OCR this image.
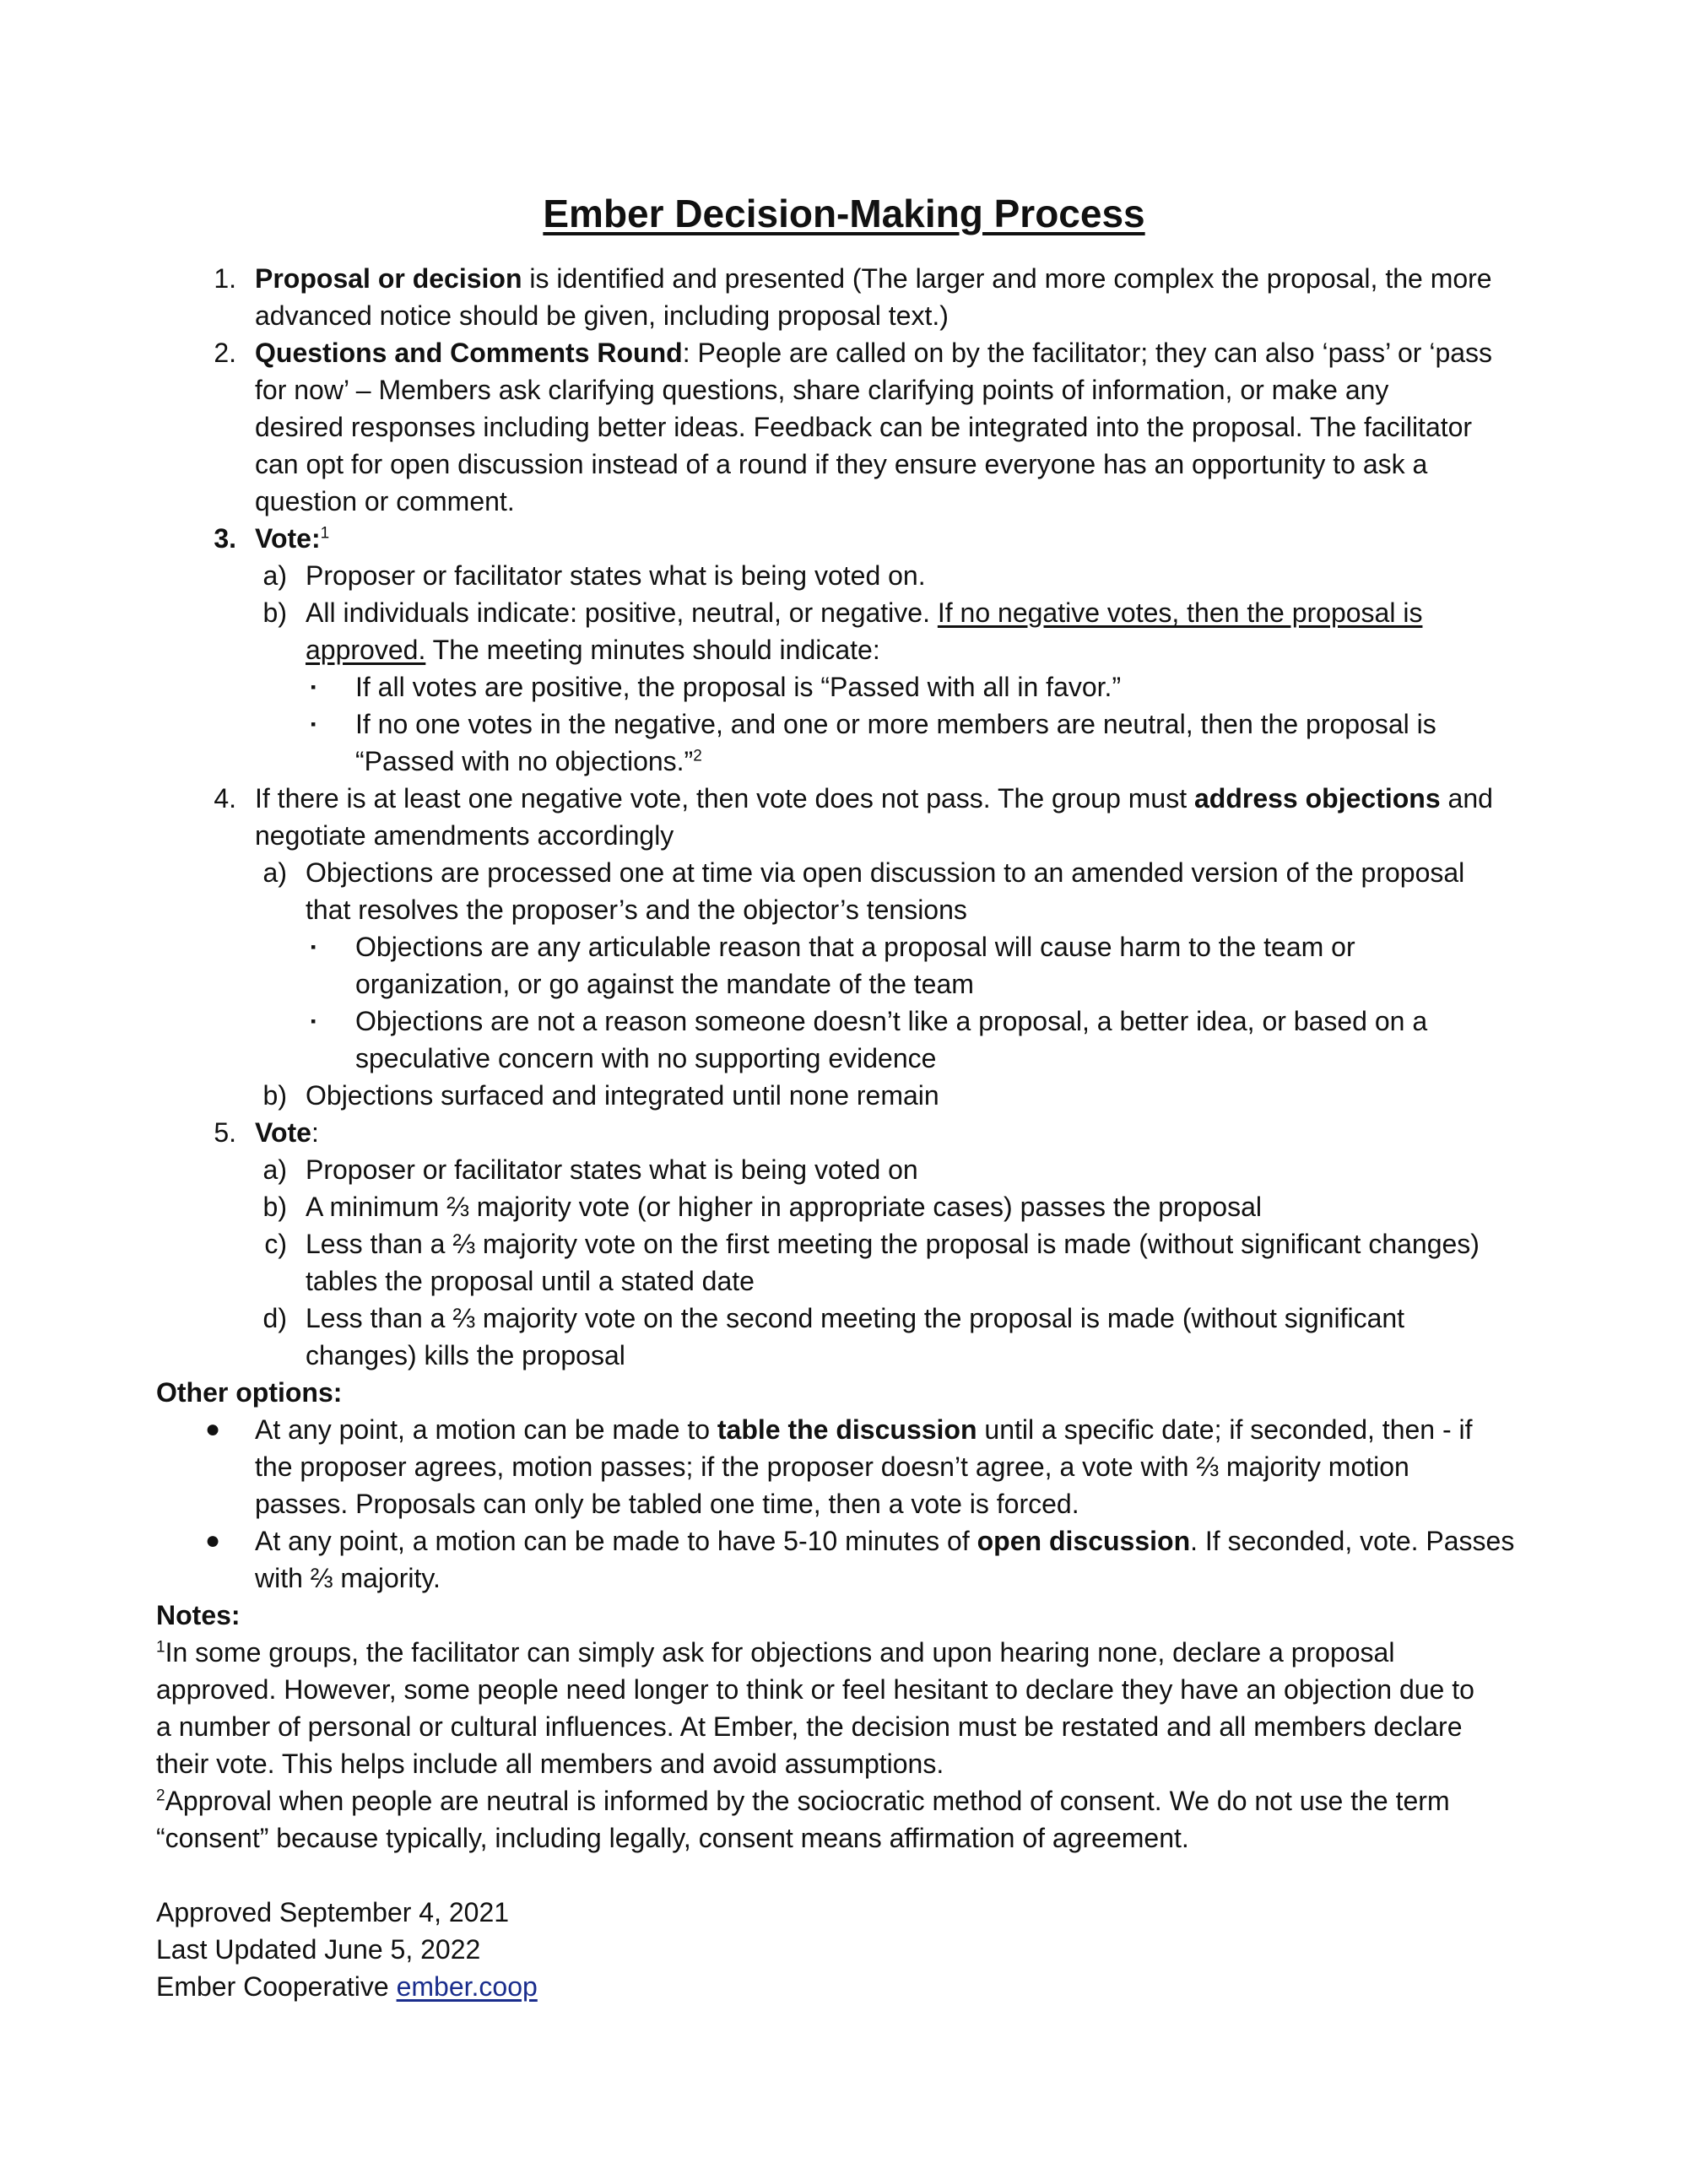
Ember Decision-Making Process
1. Proposal or decision is identified and presented (The larger and more complex the proposal, the more
advanced notice should be given, including proposal text.)
2. Questions and Comments Round: People are called on by the facilitator; they can also ‘pass’ or ‘pass
for now’ – Members ask clarifying questions, share clarifying points of information, or make any
desired responses including better ideas. Feedback can be integrated into the proposal. The facilitator
can opt for open discussion instead of a round if they ensure everyone has an opportunity to ask a
question or comment.
3. Vote:$^1$
a) Proposer or facilitator states what is being voted on.
b) All individuals indicate: positive, neutral, or negative. If no negative votes, then the proposal is
approved. The meeting minutes should indicate:
▪ If all votes are positive, the proposal is “Passed with all in favor.”
▪ If no one votes in the negative, and one or more members are neutral, then the proposal is
“Passed with no objections.”$^2$
4. If there is at least one negative vote, then vote does not pass. The group must address objections and
negotiate amendments accordingly
a) Objections are processed one at time via open discussion to an amended version of the proposal
that resolves the proposer’s and the objector’s tensions
▪ Objections are any articulable reason that a proposal will cause harm to the team or
organization, or go against the mandate of the team
▪ Objections are not a reason someone doesn’t like a proposal, a better idea, or based on a
speculative concern with no supporting evidence
b) Objections surfaced and integrated until none remain
5. Vote:
a) Proposer or facilitator states what is being voted on
b) A minimum ⅔ majority vote (or higher in appropriate cases) passes the proposal
c) Less than a ⅔ majority vote on the first meeting the proposal is made (without significant changes)
tables the proposal until a stated date
d) Less than a ⅔ majority vote on the second meeting the proposal is made (without significant
changes) kills the proposal
Other options:
● At any point, a motion can be made to table the discussion until a specific date; if seconded, then - if
the proposer agrees, motion passes; if the proposer doesn’t agree, a vote with ⅔ majority motion
passes. Proposals can only be tabled one time, then a vote is forced.
● At any point, a motion can be made to have 5-10 minutes of open discussion. If seconded, vote. Passes
with ⅔ majority.
Notes:
$^1$In some groups, the facilitator can simply ask for objections and upon hearing none, declare a proposal
approved. However, some people need longer to think or feel hesitant to declare they have an objection due to
a number of personal or cultural influences. At Ember, the decision must be restated and all members declare
their vote. This helps include all members and avoid assumptions.
$^2$Approval when people are neutral is informed by the sociocratic method of consent. We do not use the term
“consent” because typically, including legally, consent means affirmation of agreement.
Approved September 4, 2021
Last Updated June 5, 2022
Ember Cooperative ember.coop
